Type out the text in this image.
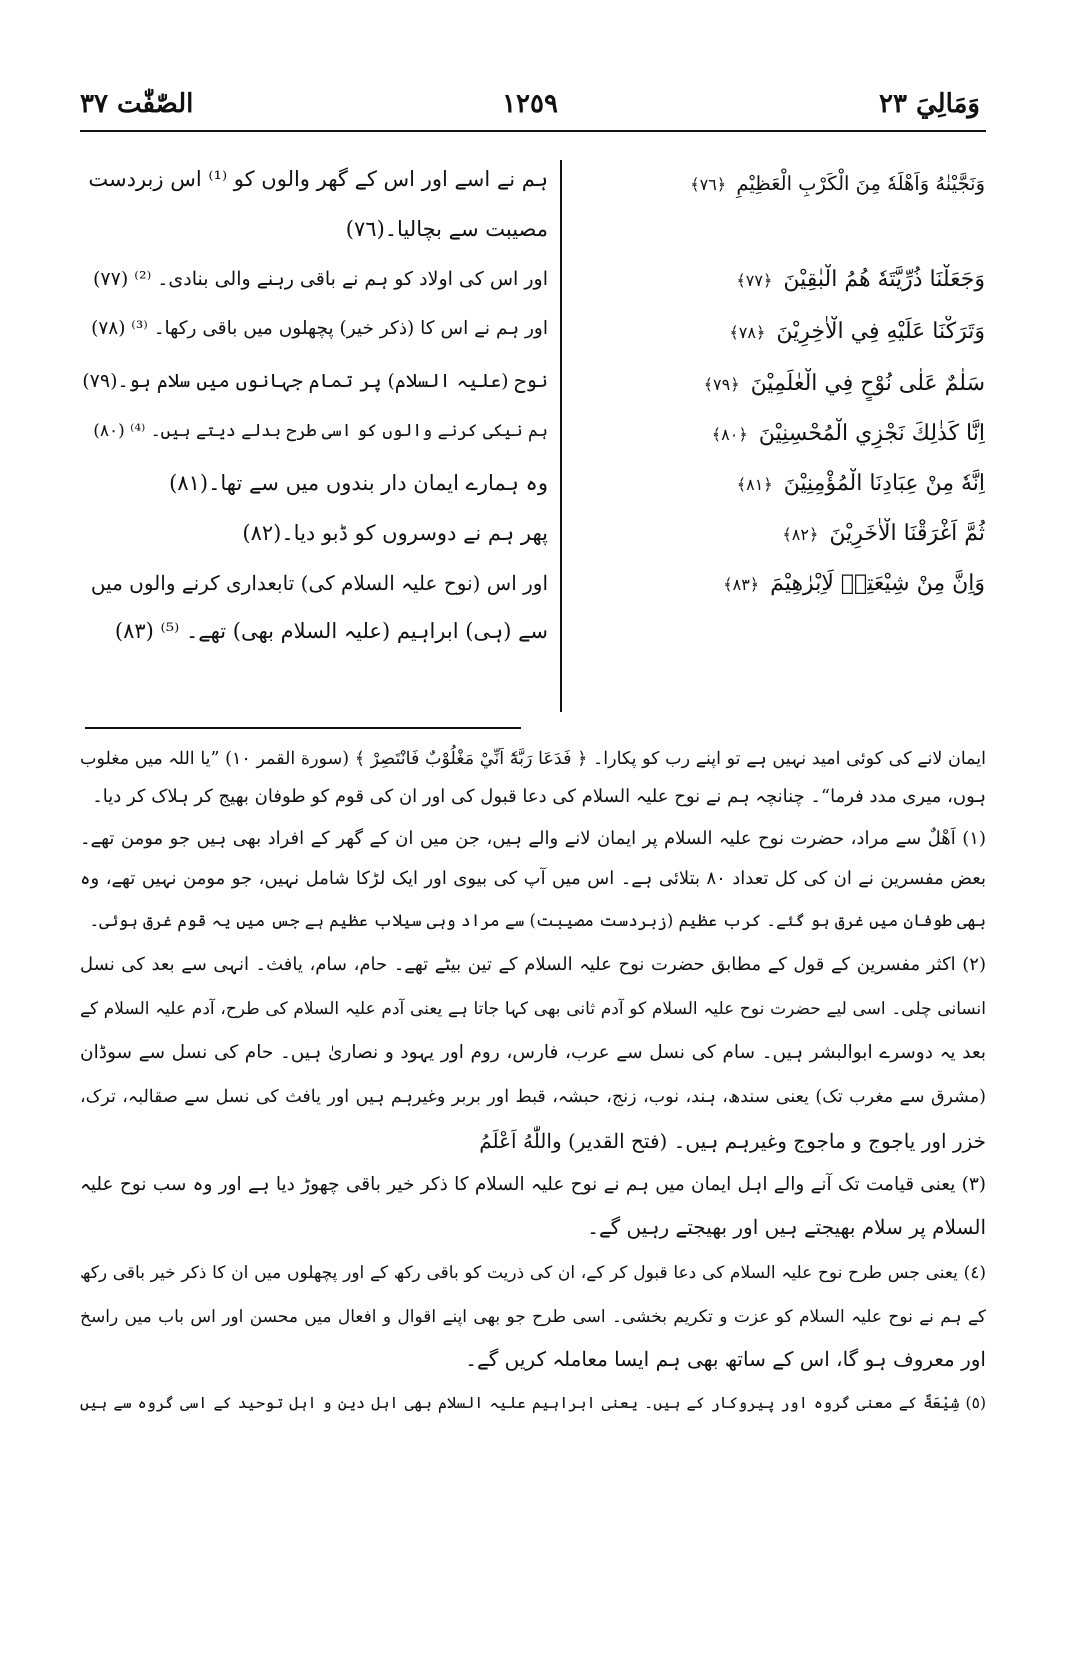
وَمَالِيَ ٢٣
١٢٥٩
الصّٰفّٰت ٣٧
وَنَجَّيْنٰهُ وَاَهْلَهٗ مِنَ الْكَرْبِ الْعَظِيْمِ ﴿٧٦﴾
وَجَعَلْنَا ذُرِّيَّتَهٗ هُمُ الْبٰقِيْنَ ﴿٧٧﴾
وَتَرَكْنَا عَلَيْهِ فِي الْاٰخِرِيْنَ ﴿٧٨﴾
سَلٰمٌ عَلٰى نُوْحٍ فِي الْعٰلَمِيْنَ ﴿٧٩﴾
اِنَّا كَذٰلِكَ نَجْزِي الْمُحْسِنِيْنَ ﴿٨٠﴾
اِنَّهٗ مِنْ عِبَادِنَا الْمُؤْمِنِيْنَ ﴿٨١﴾
ثُمَّ اَغْرَقْنَا الْاٰخَرِيْنَ ﴿٨٢﴾
وَاِنَّ مِنْ شِيْعَتِهٖ لَاِبْرٰهِيْمَ ﴿٨٣﴾
ہم نے اسے اور اس کے گھر والوں کو ⁽¹⁾ اس زبردست
مصیبت سے بچالیا۔(٧٦)
اور اس کی اولاد کو ہم نے باقی رہنے والی بنادی۔ ⁽²⁾ (٧٧)
اور ہم نے اس کا (ذکر خیر) پچھلوں میں باقی رکھا۔ ⁽³⁾ (٧٨)
نوح (علیہ السلام) پر تمام جہانوں میں سلام ہو۔(٧٩)
ہم نیکی کرنے والوں کو اسی طرح بدلے دیتے ہیں۔ ⁽⁴⁾ (٨٠)
وہ ہمارے ایمان دار بندوں میں سے تھا۔(٨١)
پھر ہم نے دوسروں کو ڈبو دیا۔(٨٢)
اور اس (نوح علیہ السلام کی) تابعداری کرنے والوں میں
سے (ہی) ابراہیم (علیہ السلام بھی) تھے۔ ⁽⁵⁾ (٨٣)
ایمان لانے کی کوئی امید نہیں ہے تو اپنے رب کو پکارا۔ ﴿ فَدَعَا رَبَّهٗٓ اَنِّيْ مَغْلُوْبٌ فَانْتَصِرْ ﴾ (سورة القمر ١٠) ”یا اللہ میں مغلوب
ہوں، میری مدد فرما“۔ چنانچہ ہم نے نوح علیہ السلام کی دعا قبول کی اور ان کی قوم کو طوفان بھیج کر ہلاک کر دیا۔
(١) اَهْلٌ سے مراد، حضرت نوح علیہ السلام پر ایمان لانے والے ہیں، جن میں ان کے گھر کے افراد بھی ہیں جو مومن تھے۔
بعض مفسرین نے ان کی کل تعداد ٨٠ بتلائی ہے۔ اس میں آپ کی بیوی اور ایک لڑکا شامل نہیں، جو مومن نہیں تھے، وہ
بھی طوفان میں غرق ہو گئے۔ کرب عظیم (زبردست مصیبت) سے مراد وہی سیلاب عظیم ہے جس میں یہ قوم غرق ہوئی۔
(٢) اکثر مفسرین کے قول کے مطابق حضرت نوح علیہ السلام کے تین بیٹے تھے۔ حام، سام، یافث۔ انہی سے بعد کی نسل
انسانی چلی۔ اسی لیے حضرت نوح علیہ السلام کو آدم ثانی بھی کہا جاتا ہے یعنی آدم علیہ السلام کی طرح، آدم علیہ السلام کے
بعد یہ دوسرے ابوالبشر ہیں۔ سام کی نسل سے عرب، فارس، روم اور یہود و نصاریٰ ہیں۔ حام کی نسل سے سوڈان
(مشرق سے مغرب تک) یعنی سندھ، ہند، نوب، زنج، حبشہ، قبط اور بربر وغیرہم ہیں اور یافث کی نسل سے صقالبہ، ترک،
خزر اور یاجوج و ماجوج وغیرہم ہیں۔ (فتح القدیر) واللّٰهُ اَعْلَمُ
(٣) یعنی قیامت تک آنے والے اہل ایمان میں ہم نے نوح علیہ السلام کا ذکر خیر باقی چھوڑ دیا ہے اور وہ سب نوح علیہ
السلام پر سلام بھیجتے ہیں اور بھیجتے رہیں گے۔
(٤) یعنی جس طرح نوح علیہ السلام کی دعا قبول کر کے، ان کی ذریت کو باقی رکھ کے اور پچھلوں میں ان کا ذکر خیر باقی رکھ
کے ہم نے نوح علیہ السلام کو عزت و تکریم بخشی۔ اسی طرح جو بھی اپنے اقوال و افعال میں محسن اور اس باب میں راسخ
اور معروف ہو گا، اس کے ساتھ بھی ہم ایسا معاملہ کریں گے۔
(٥) شِيْعَةٌ کے معنی گروہ اور پیروکار کے ہیں۔ یعنی ابراہیم علیہ السلام بھی اہل دین و اہل توحید کے اسی گروہ سے ہیں
